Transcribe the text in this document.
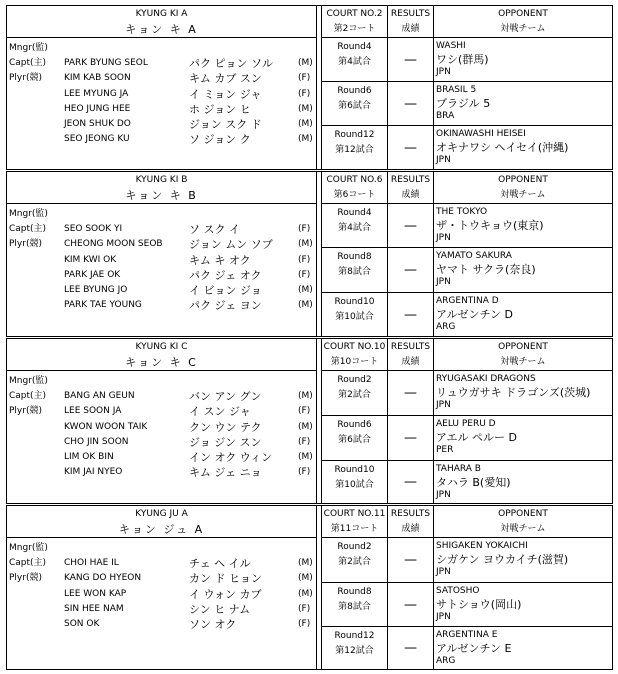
KYUNG KI A
キョン キ A
Mngr(監)
Capt(主) PARK BYUNG SEOL	パク ピョン ソル	(M)
Plyr(競) KIM KAB SOON	キム カブ スン	(F)
LEE MYUNG JA	イ ミョン ジャ	(F)
HEO JUNG HEE	ホ ジョン ヒ	(M)
JEON SHUK DO	ジョン スク ド	(M)
SEO JEONG KU	ソ ジョン ク	(M)
COURT NO.2
第2コート
RESULTS
成績
OPPONENT
対戦チーム
Round4
第4試合	—
WASHI
ワシ(群馬)
JPN
Round6
第6試合	—
BRASIL 5
ブラジル 5
BRA
Round12
第12試合	—
OKINAWASHI HEISEI
オキナワシ ヘイセイ(沖縄)
JPN
KYUNG KI B
キョン キ B
Mngr(監)
Capt(主) SEO SOOK YI	ソ スク イ	(F)
Plyr(競) CHEONG MOON SEOB ジョン ムン ソブ	(M)
KIM KWI OK	キム キ オク	(F)
PARK JAE OK	パク ジェ オク	(F)
LEE BYUNG JO	イ ビョン ジョ	(M)
PARK TAE YOUNG	パク ジェ ヨン	(M)
COURT NO.6
第6コート
RESULTS
成績
OPPONENT
対戦チーム
Round4
第4試合	—
THE TOKYO
ザ・トウキョウ(東京)
JPN
Round8
第8試合	—
YAMATO SAKURA
ヤマト サクラ(奈良)
JPN
Round10
第10試合	—
ARGENTINA D
アルゼンチン D
ARG
KYUNG KI C
キョン キ C
Mngr(監)
Capt(主) BANG AN GEUN	バン アン グン	(M)
Plyr(競) LEE SOON JA	イ スン ジャ	(F)
KWON WOON TAIK	クン ウン テク	(M)
CHO JIN SOON	ジョ ジン スン	(F)
LIM OK BIN	イン オク ウィン	(M)
KIM JAI NYEO	キム ジェ ニョ	(F)
COURT NO.10
第10コート
RESULTS
成績
OPPONENT
対戦チーム
Round2
第2試合	—
RYUGASAKI DRAGONS
リュウガサキ ドラゴンズ(茨城)
JPN
Round6
第6試合	—
AELU PERU D
アエル ペルー D
PER
Round10
第10試合	—
TAHARA B
タハラ B(愛知)
JPN
KYUNG JU A
キョン ジュ A
Mngr(監)
Capt(主) CHOI HAE IL	チェ ヘ イル	(M)
Plyr(競) KANG DO HYEON	カン ド ヒョン	(M)
LEE WON KAP	イ ウォン カブ	(M)
SIN HEE NAM	シン ヒ ナム	(F)
SON OK	ソン オク	(F)
COURT NO.11
第11コート
RESULTS
成績
OPPONENT
対戦チーム
Round2
第2試合	—
SHIGAKEN YOKAICHI
シガケン ヨウカイチ(滋賀)
JPN
Round8
第8試合	—
SATOSHO
サトショウ(岡山)
JPN
Round12
第12試合	—
ARGENTINA E
アルゼンチン E
ARG
